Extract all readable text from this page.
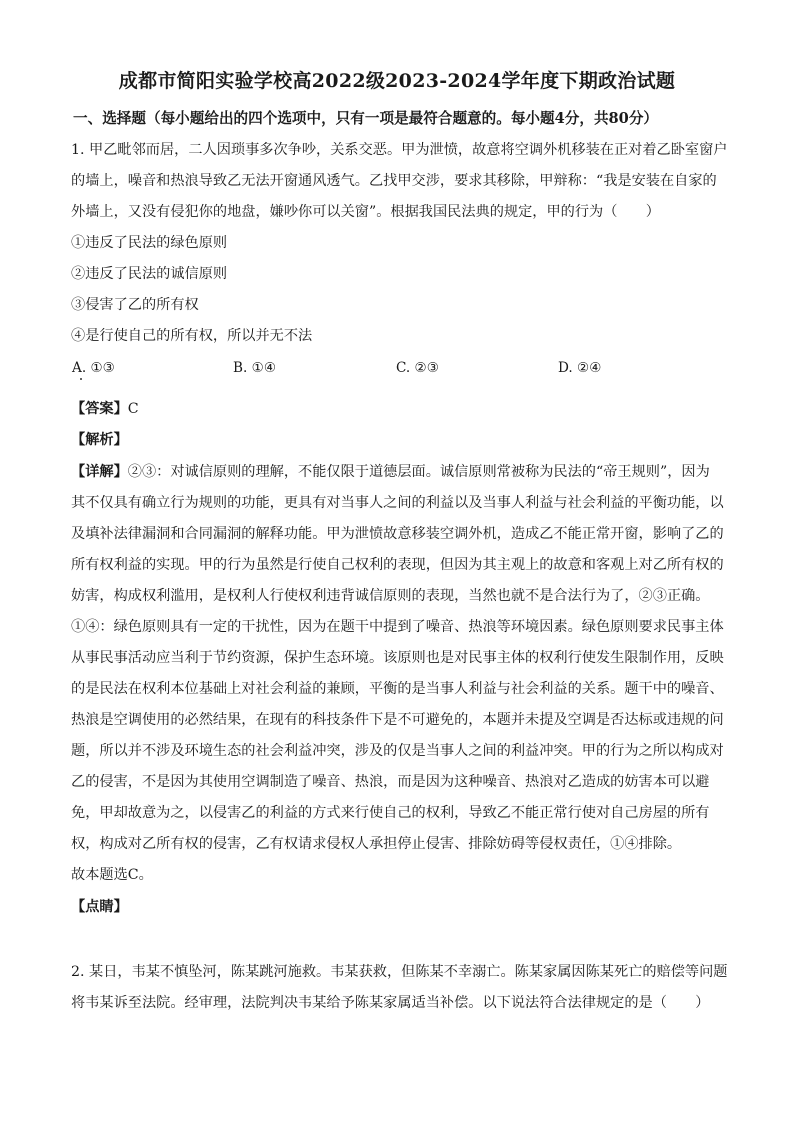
成都市简阳实验学校高2022级2023-2024学年度下期政治试题
一、选择题（每小题给出的四个选项中，只有一项是最符合题意的。每小题4分，共80分）
1. 甲乙毗邻而居，二人因琐事多次争吵，关系交恶。甲为泄愤，故意将空调外机移装在正对着乙卧室窗户
的墙上，噪音和热浪导致乙无法开窗通风透气。乙找甲交涉，要求其移除，甲辩称：“我是安装在自家的
外墙上，又没有侵犯你的地盘，嫌吵你可以关窗”。根据我国民法典的规定，甲的行为（　　）
①违反了民法的绿色原则
②违反了民法的诚信原则
③侵害了乙的所有权
④是行使自己的所有权，所以并无不法
A. ①③	B. ①④	C. ②③	D. ②④
【答案】C
【解析】
【详解】②③：对诚信原则的理解，不能仅限于道德层面。诚信原则常被称为民法的“帝王规则”，因为
其不仅具有确立行为规则的功能，更具有对当事人之间的利益以及当事人利益与社会利益的平衡功能，以
及填补法律漏洞和合同漏洞的解释功能。甲为泄愤故意移装空调外机，造成乙不能正常开窗，影响了乙的
所有权利益的实现。甲的行为虽然是行使自己权利的表现，但因为其主观上的故意和客观上对乙所有权的
妨害，构成权利滥用，是权利人行使权利违背诚信原则的表现，当然也就不是合法行为了，②③正确。
①④：绿色原则具有一定的干扰性，因为在题干中提到了噪音、热浪等环境因素。绿色原则要求民事主体
从事民事活动应当利于节约资源，保护生态环境。该原则也是对民事主体的权利行使发生限制作用，反映
的是民法在权利本位基础上对社会利益的兼顾，平衡的是当事人利益与社会利益的关系。题干中的噪音、
热浪是空调使用的必然结果，在现有的科技条件下是不可避免的，本题并未提及空调是否达标或违规的问
题，所以并不涉及环境生态的社会利益冲突，涉及的仅是当事人之间的利益冲突。甲的行为之所以构成对
乙的侵害，不是因为其使用空调制造了噪音、热浪，而是因为这种噪音、热浪对乙造成的妨害本可以避
免，甲却故意为之，以侵害乙的利益的方式来行使自己的权利，导致乙不能正常行使对自己房屋的所有
权，构成对乙所有权的侵害，乙有权请求侵权人承担停止侵害、排除妨碍等侵权责任，①④排除。
故本题选C。
【点睛】
2. 某日，韦某不慎坠河，陈某跳河施救。韦某获救，但陈某不幸溺亡。陈某家属因陈某死亡的赔偿等问题
将韦某诉至法院。经审理，法院判决韦某给予陈某家属适当补偿。以下说法符合法律规定的是（　　）
